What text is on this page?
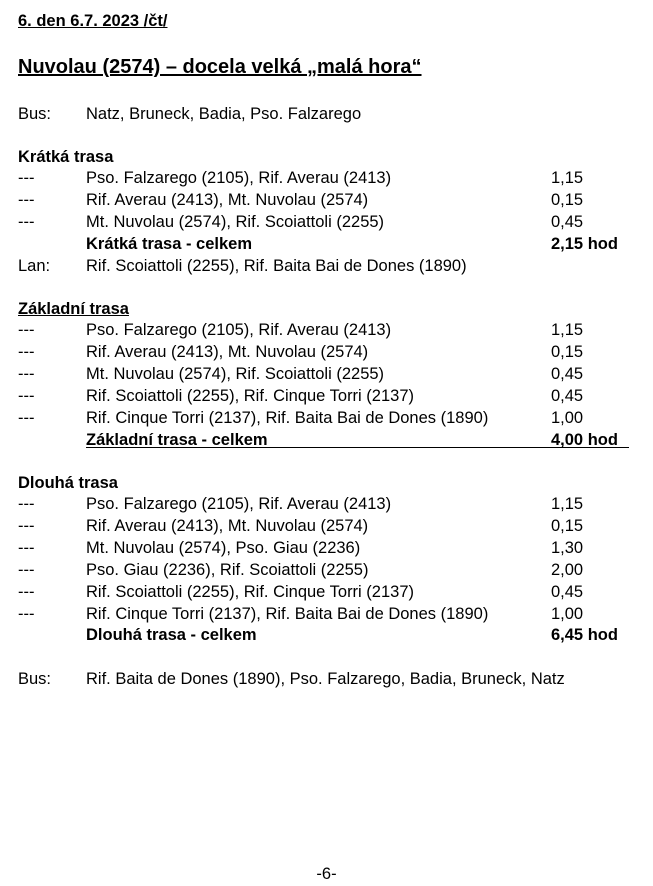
6. den 6.7. 2023 /čt/
Nuvolau (2574) – docela velká „malá hora“
Bus: Natz, Bruneck, Badia, Pso. Falzarego
Krátká trasa
---	Pso. Falzarego (2105), Rif. Averau (2413)	1,15
---	Rif. Averau (2413), Mt. Nuvolau (2574)	0,15
---	Mt. Nuvolau (2574), Rif. Scoiattoli (2255)	0,45
Krátká trasa - celkem	2,15 hod
Lan: Rif. Scoiattoli (2255), Rif. Baita Bai de Dones (1890)
Základní trasa
---	Pso. Falzarego (2105), Rif. Averau (2413)	1,15
---	Rif. Averau (2413), Mt. Nuvolau (2574)	0,15
---	Mt. Nuvolau (2574), Rif. Scoiattoli (2255)	0,45
---	Rif. Scoiattoli (2255), Rif. Cinque Torri (2137)	0,45
---	Rif. Cinque Torri (2137), Rif. Baita Bai de Dones (1890)	1,00
Základní trasa - celkem	4,00 hod
Dlouhá trasa
---	Pso. Falzarego (2105), Rif. Averau (2413)	1,15
---	Rif. Averau (2413), Mt. Nuvolau (2574)	0,15
---	Mt. Nuvolau (2574), Pso. Giau (2236)	1,30
---	Pso. Giau (2236), Rif. Scoiattoli (2255)	2,00
---	Rif. Scoiattoli (2255), Rif. Cinque Torri (2137)	0,45
---	Rif. Cinque Torri (2137), Rif. Baita Bai de Dones (1890)	1,00
Dlouhá trasa - celkem	6,45 hod
Bus: Rif. Baita de Dones (1890), Pso. Falzarego, Badia, Bruneck, Natz
-6-
